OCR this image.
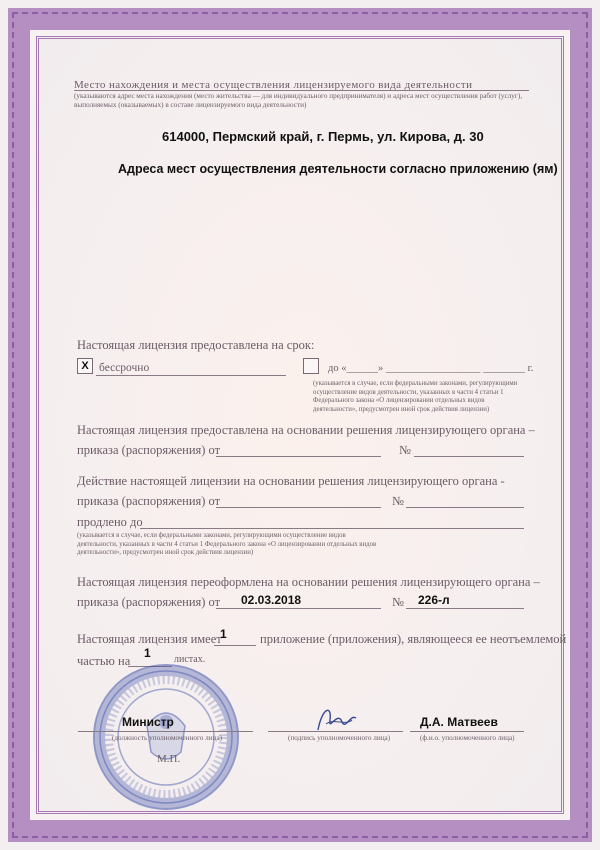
Место нахождения и места осуществления лицензируемого вида деятельности
(указываются адрес места нахождения (место жительства — для индивидуального предпринимателя) и адреса мест осуществления работ (услуг), выполняемых (оказываемых) в составе лицензируемого вида деятельности)
614000, Пермский край, г. Пермь, ул. Кирова, д. 30
Адреса мест осуществления деятельности согласно приложению (ям)
Настоящая лицензия предоставлена на срок:
X бессрочно	до «______» __________________ ________ г.
(указывается в случае, если федеральными законами, регулирующими осуществление видов деятельности, указанных в части 4 статьи 1 Федерального закона «О лицензировании отдельных видов деятельности», предусмотрен иной срок действия лицензии)
Настоящая лицензия предоставлена на основании решения лицензирующего органа –
приказа (распоряжения) от	№
Действие настоящей лицензии на основании решения лицензирующего органа -
приказа (распоряжения) от	№
продлено до
(указывается в случае, если федеральными законами, регулирующими осуществление видов деятельности, указанных в части 4 статьи 1 Федерального закона «О лицензировании отдельных видов деятельности», предусмотрен иной срок действия лицензии)
Настоящая лицензия переоформлена на основании решения лицензирующего органа –
приказа (распоряжения) от 02.03.2018	№ 226-л
Настоящая лицензия имеет
1	приложение (приложения), являющееся ее неотъемлемой
частью на
1 листах.
Министр
(должность уполномоченного лица)	(подпись уполномоченного лица)
Д.А. Матвеев
(ф.и.о. уполномоченного лица)
М.П.
